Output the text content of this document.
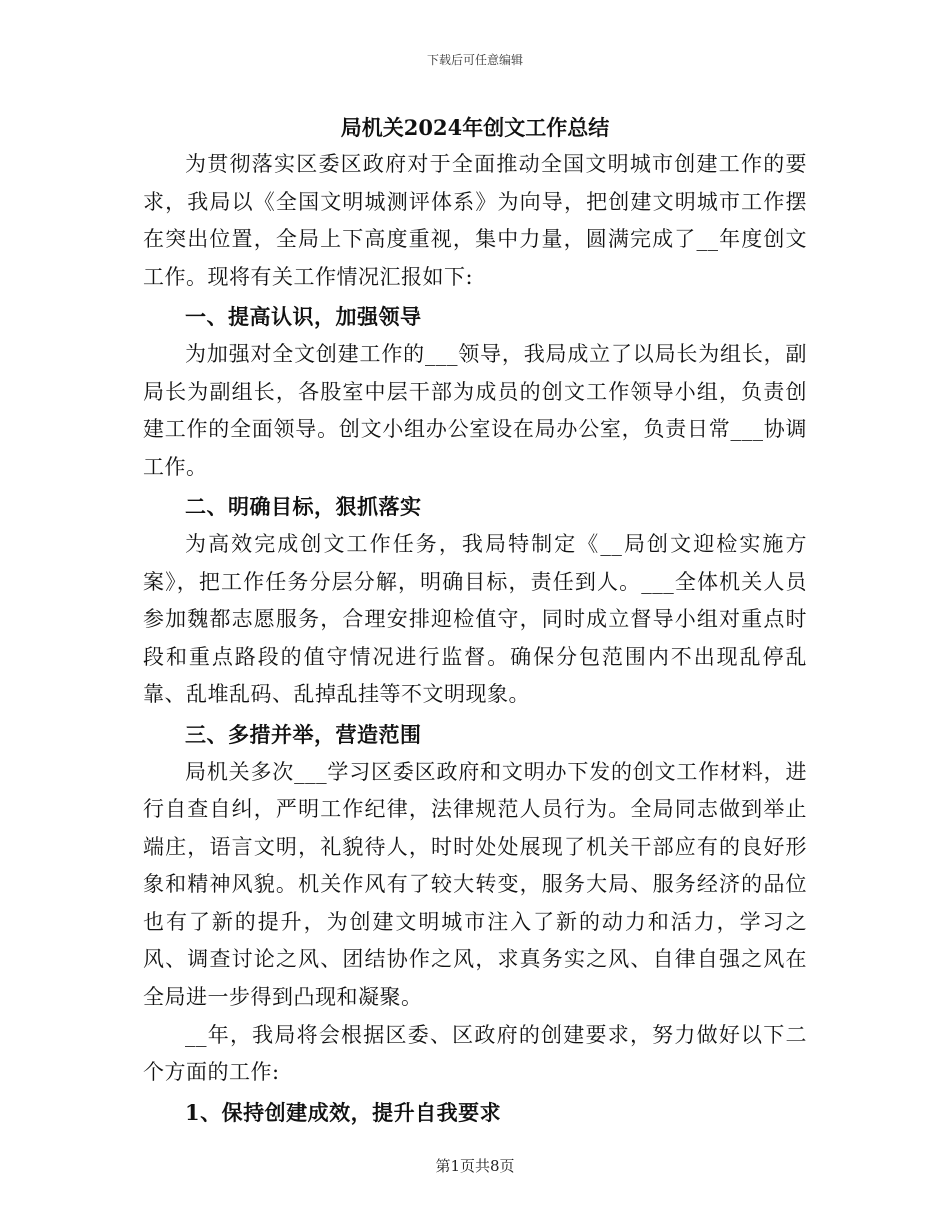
下载后可任意编辑
局机关2024年创文工作总结

为贯彻落实区委区政府对于全面推动全国文明城市创建工作的要求，我局以《全国文明城测评体系》为向导，把创建文明城市工作摆在突出位置，全局上下高度重视，集中力量，圆满完成了__年度创文工作。现将有关工作情况汇报如下:

一、提高认识，加强领导

为加强对全文创建工作的___领导，我局成立了以局长为组长，副局长为副组长，各股室中层干部为成员的创文工作领导小组，负责创建工作的全面领导。创文小组办公室设在局办公室，负责日常___协调工作。

二、明确目标，狠抓落实

为高效完成创文工作任务，我局特制定《__局创文迎检实施方案》，把工作任务分层分解，明确目标，责任到人。___全体机关人员参加魏都志愿服务，合理安排迎检值守，同时成立督导小组对重点时段和重点路段的值守情况进行监督。确保分包范围内不出现乱停乱靠、乱堆乱码、乱掉乱挂等不文明现象。

三、多措并举，营造范围

局机关多次___学习区委区政府和文明办下发的创文工作材料，进行自查自纠，严明工作纪律，法律规范人员行为。全局同志做到举止端庄，语言文明，礼貌待人，时时处处展现了机关干部应有的良好形象和精神风貌。机关作风有了较大转变，服务大局、服务经济的品位也有了新的提升，为创建文明城市注入了新的动力和活力，学习之风、调查讨论之风、团结协作之风，求真务实之风、自律自强之风在全局进一步得到凸现和凝聚。

__年，我局将会根据区委、区政府的创建要求，努力做好以下二个方面的工作:

1、保持创建成效，提升自我要求

第1页共8页
